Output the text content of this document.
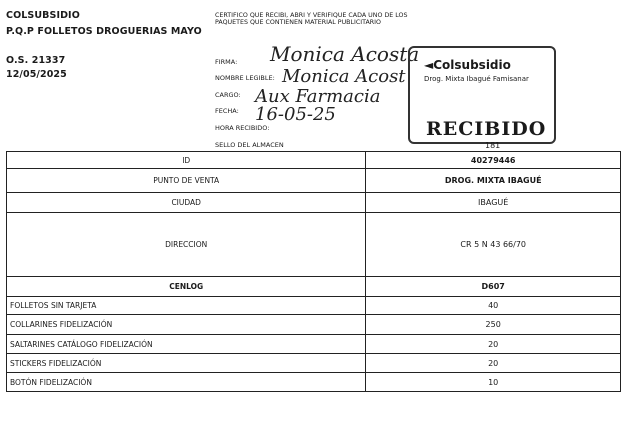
COLSUBSIDIO
P.Q.P FOLLETOS DROGUERIAS MAYO
O.S. 21337
12/05/2025
CERTIFICO QUE RECIBI, ABRI Y VERIFIQUE CADA UNO DE LOS PAQUETES QUE CONTIENEN MATERIAL PUBLICITARIO
FIRMA:
NOMBRE LEGIBLE:
CARGO:
FECHA:
HORA RECIBIDO:
SELLO DEL ALMACEN
Monica Acosta
Monica Acost
Aux Farmacia
16-05-25
◄Colsubsidio
Drog. Mixta Ibagué Famisanar
RECIBIDO
181
ID	40279446
PUNTO DE VENTA	DROG. MIXTA IBAGUÉ
CIUDAD	IBAGUÉ
DIRECCION	CR 5 N 43 66/70
CENLOG	D607
FOLLETOS SIN TARJETA	40
COLLARINES FIDELIZACIÓN	250
SALTARINES CATÁLOGO FIDELIZACIÓN	20
STICKERS FIDELIZACIÓN	20
BOTÓN FIDELIZACIÓN	10
